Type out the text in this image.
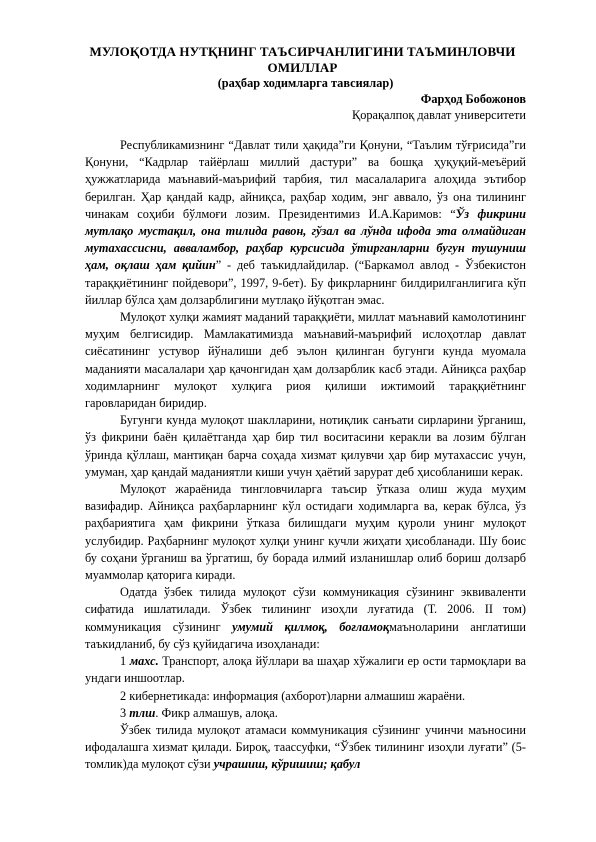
МУЛОҚОТДА НУТҚНИНГ ТАЪСИРЧАНЛИГИНИ ТАЪМИНЛОВЧИ ОМИЛЛАР
(раҳбар ходимларга тавсиялар)
Фарҳод Бобожонов
Қорақалпоқ давлат университети

Республикамизнинг “Давлат тили ҳақида”ги Қонуни, “Таълим тўғрисида”ги Қонуни, “Кадрлар тайёрлаш миллий дастури” ва бошқа ҳуқуқий-меъёрий ҳужжатларида маънавий-маърифий тарбия, тил масалаларига алоҳида эътибор берилган. Ҳар қандай кадр, айниқса, раҳбар ходим, энг аввало, ўз она тилининг чинакам соҳиби бўлмоғи лозим. Президентимиз И.А.Каримов: “Ўз фикрини мутлақо мустақил, она тилида равон, гўзал ва лўнда ифода эта олмайдиган мутахассисни, авваламбор, раҳбар курсисида ўтирганларни бугун тушуниш ҳам, оқлаш ҳам қийин” - деб таъкидлайдилар. (“Баркамол авлод - Ўзбекистон тараққиётининг пойдевори”, 1997, 9-бет). Бу фикрларнинг билдирилганлигига кўп йиллар бўлса ҳам долзарблигини мутлақо йўқотган эмас.

Мулоқот хулқи жамият маданий тараққиёти, миллат маънавий камолотининг муҳим белгисидир. Мамлакатимизда маънавий-маърифий ислоҳотлар давлат сиёсатининг устувор йўналиши деб эълон қилинган бугунги кунда муомала маданияти масалалари ҳар қачонгидан ҳам долзарблик касб этади. Айниқса раҳбар ходимларнинг мулоқот хулқига риоя қилиши ижтимоий тараққиётнинг гаровларидан биридир.

Бугунги кунда мулоқот шаклларини, нотиқлик санъати сирларини ўрганиш, ўз фикрини баён қилаётганда ҳар бир тил воситасини керакли ва лозим бўлган ўринда қўллаш, мантиқан барча соҳада хизмат қилувчи ҳар бир мутахассис учун, умуман, ҳар қандай маданиятли киши учун ҳаётий зарурат деб ҳисобланиши керак.

Мулоқот жараёнида тингловчиларга таъсир ўтказа олиш жуда муҳим вазифадир. Айниқса раҳбарларнинг кўл остидаги ходимларга ва, керак бўлса, ўз раҳбариятига ҳам фикрини ўтказа билишдаги муҳим қуроли унинг мулоқот услубидир. Раҳбарнинг мулоқот хулқи унинг кучли жиҳати ҳисобланади. Шу боис бу соҳани ўрганиш ва ўргатиш, бу борада илмий изланишлар олиб бориш долзарб муаммолар қаторига киради.

Одатда ўзбек тилида мулоқот сўзи коммуникация сўзининг эквиваленти сифатида ишлатилади. Ўзбек тилининг изоҳли луғатида (Т. 2006. II том) коммуникация сўзининг умумий қилмоқ, боғламоқмаъноларини англатиши таъкидланиб, бу сўз қуйидагича изоҳланади:

1 махс. Транспорт, алоқа йўллари ва шаҳар хўжалиги ер ости тармоқлари ва ундаги иншоотлар.

2 кибернетикада: информация (ахборот)ларни алмашиш жараёни.

3 тлш. Фикр алмашув, алоқа.

Ўзбек тилида мулоқот атамаси коммуникация сўзининг учинчи маъносини ифодалашга хизмат қилади. Бироқ, таассуфки, “Ўзбек тилининг изоҳли луғати” (5-томлик)да мулоқот сўзи учрашиш, кўришиш; қабул
